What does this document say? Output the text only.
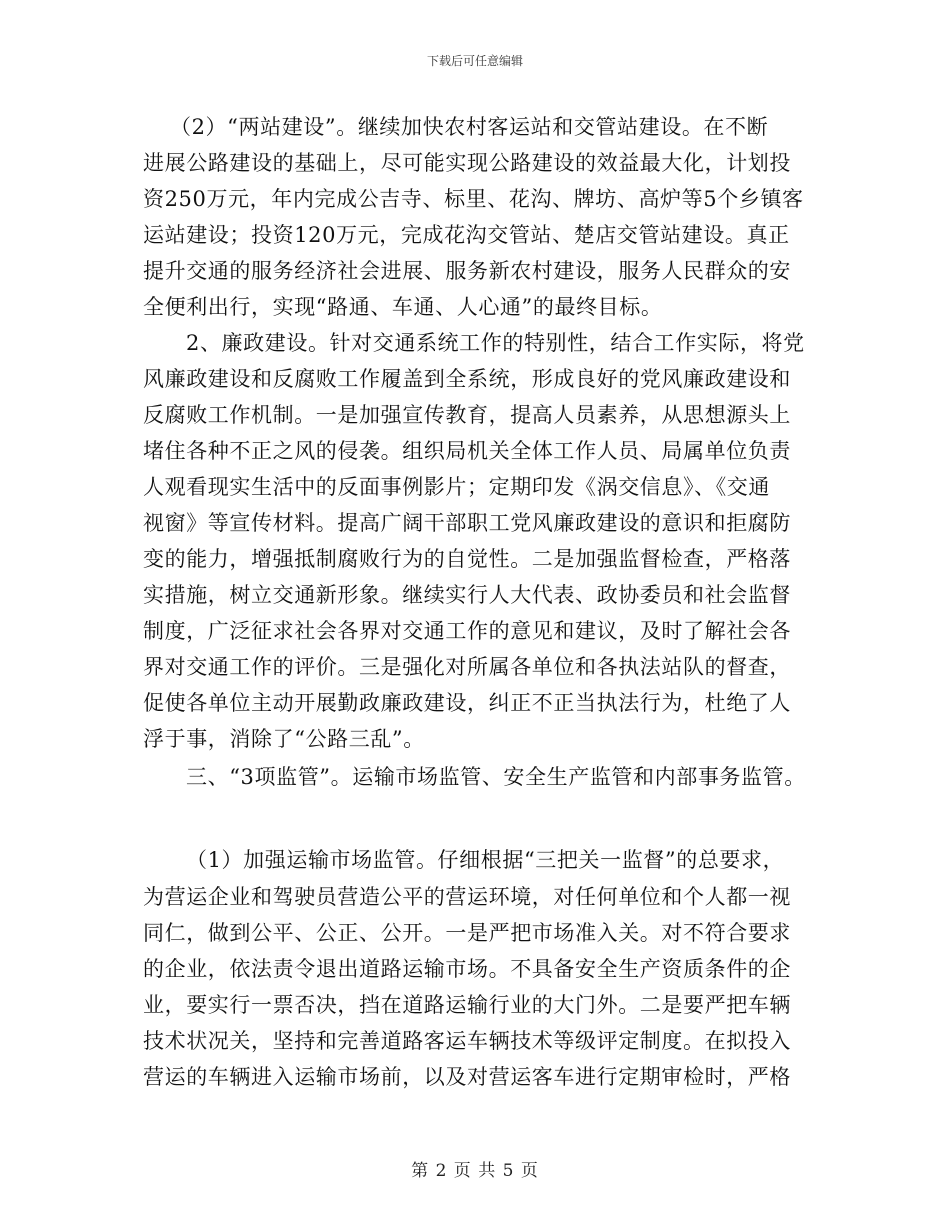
下载后可任意编辑
（2）“两站建设”。继续加快农村客运站和交管站建设。在不断
进展公路建设的基础上，尽可能实现公路建设的效益最大化，计划投
资250万元，年内完成公吉寺、标里、花沟、牌坊、高炉等5个乡镇客
运站建设；投资120万元，完成花沟交管站、楚店交管站建设。真正
提升交通的服务经济社会进展、服务新农村建设，服务人民群众的安
全便利出行，实现“路通、车通、人心通”的最终目标。
2、廉政建设。针对交通系统工作的特别性，结合工作实际，将党
风廉政建设和反腐败工作履盖到全系统，形成良好的党风廉政建设和
反腐败工作机制。一是加强宣传教育，提高人员素养，从思想源头上
堵住各种不正之风的侵袭。组织局机关全体工作人员、局属单位负责
人观看现实生活中的反面事例影片；定期印发《涡交信息》、《交通
视窗》等宣传材料。提高广阔干部职工党风廉政建设的意识和拒腐防
变的能力，增强抵制腐败行为的自觉性。二是加强监督检查，严格落
实措施，树立交通新形象。继续实行人大代表、政协委员和社会监督
制度，广泛征求社会各界对交通工作的意见和建议，及时了解社会各
界对交通工作的评价。三是强化对所属各单位和各执法站队的督查，
促使各单位主动开展勤政廉政建设，纠正不正当执法行为，杜绝了人
浮于事，消除了“公路三乱”。
三、“3项监管”。运输市场监管、安全生产监管和内部事务监管。
（1）加强运输市场监管。仔细根据“三把关一监督”的总要求，
为营运企业和驾驶员营造公平的营运环境，对任何单位和个人都一视
同仁，做到公平、公正、公开。一是严把市场准入关。对不符合要求
的企业，依法责令退出道路运输市场。不具备安全生产资质条件的企
业，要实行一票否决，挡在道路运输行业的大门外。二是要严把车辆
技术状况关，坚持和完善道路客运车辆技术等级评定制度。在拟投入
营运的车辆进入运输市场前，以及对营运客车进行定期审检时，严格
第 2 页 共 5 页
